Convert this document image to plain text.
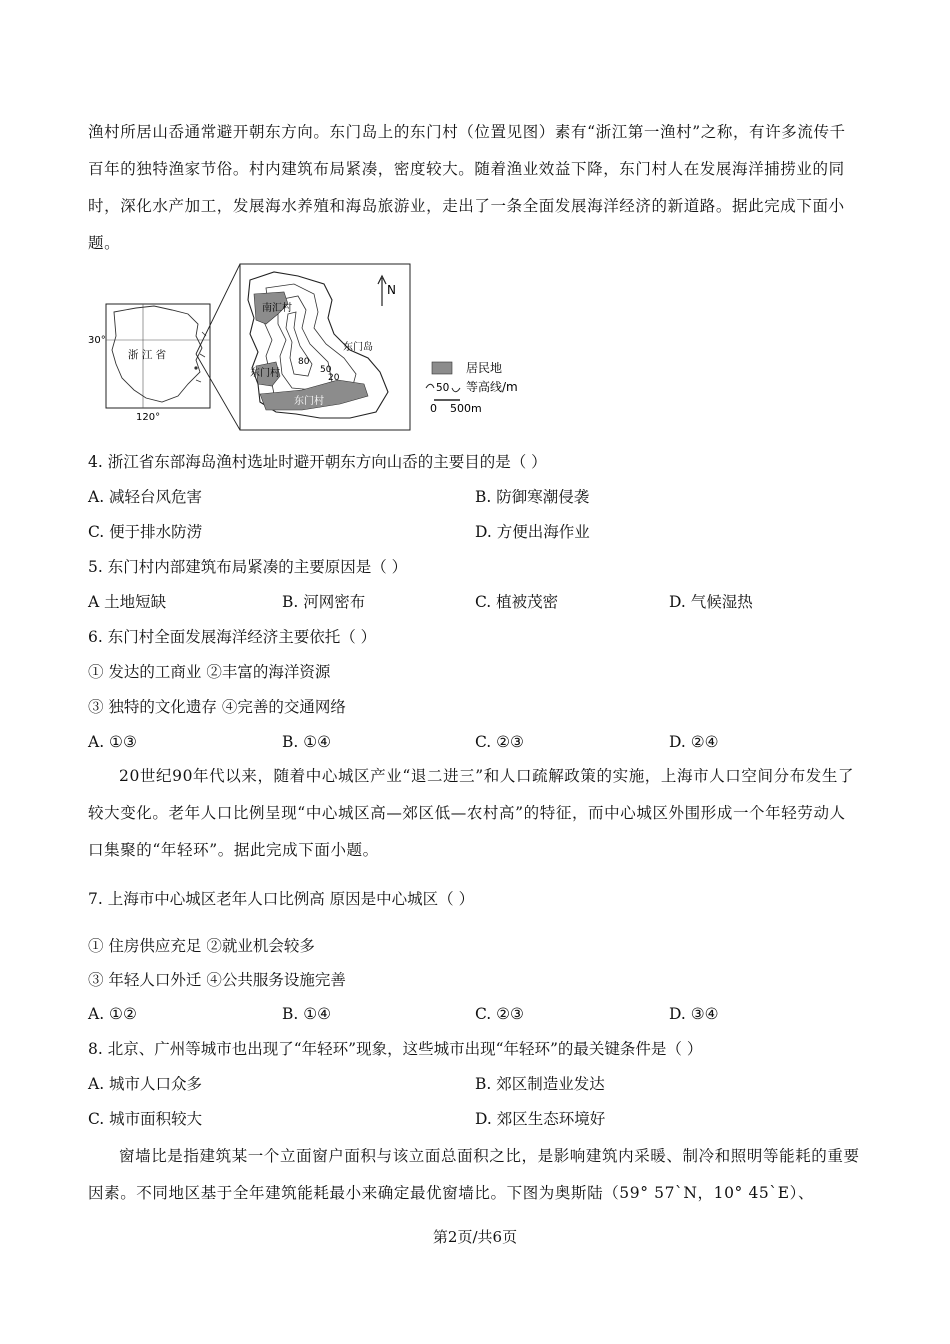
渔村所居山岙通常避开朝东方向。东门岛上的东门村（位置见图）素有“浙江第一渔村”之称，有许多流传千百年的独特渔家节俗。村内建筑布局紧凑，密度较大。随着渔业效益下降，东门村人在发展海洋捕捞业的同时，深化水产加工，发展海水养殖和海岛旅游业，走出了一条全面发展海洋经济的新道路。据此完成下面小题。
30°
120°
浙 江 省
N
南汇村
东门岛
东门村
东门村
80
50
20
居民地
50 等高线/m
0 500m
4. 浙江省东部海岛渔村选址时避开朝东方向山岙的主要目的是（ ）
A. 减轻台风危害	B. 防御寒潮侵袭
C. 便于排水防涝	D. 方便出海作业
5. 东门村内部建筑布局紧凑的主要原因是（ ）
A 土地短缺	B. 河网密布	C. 植被茂密	D. 气候湿热
6. 东门村全面发展海洋经济主要依托（ ）
① 发达的工商业 ②丰富的海洋资源
③ 独特的文化遗存 ④完善的交通网络
A. ①③	B. ①④	C. ②③	D. ②④
20世纪90年代以来，随着中心城区产业“退二进三”和人口疏解政策的实施，上海市人口空间分布发生了较大变化。老年人口比例呈现“中心城区高—郊区低—农村高”的特征，而中心城区外围形成一个年轻劳动人口集聚的“年轻环”。据此完成下面小题。
7. 上海市中心城区老年人口比例高 原因是中心城区（ ）
① 住房供应充足 ②就业机会较多
③ 年轻人口外迁 ④公共服务设施完善
A. ①②	B. ①④	C. ②③	D. ③④
8. 北京、广州等城市也出现了“年轻环”现象，这些城市出现“年轻环”的最关键条件是（ ）
A. 城市人口众多	B. 郊区制造业发达
C. 城市面积较大	D. 郊区生态环境好
窗墙比是指建筑某一个立面窗户面积与该立面总面积之比，是影响建筑内采暖、制冷和照明等能耗的重要因素。不同地区基于全年建筑能耗最小来确定最优窗墙比。下图为奥斯陆（59° 57`N，10° 45`E）、
第2页/共6页
